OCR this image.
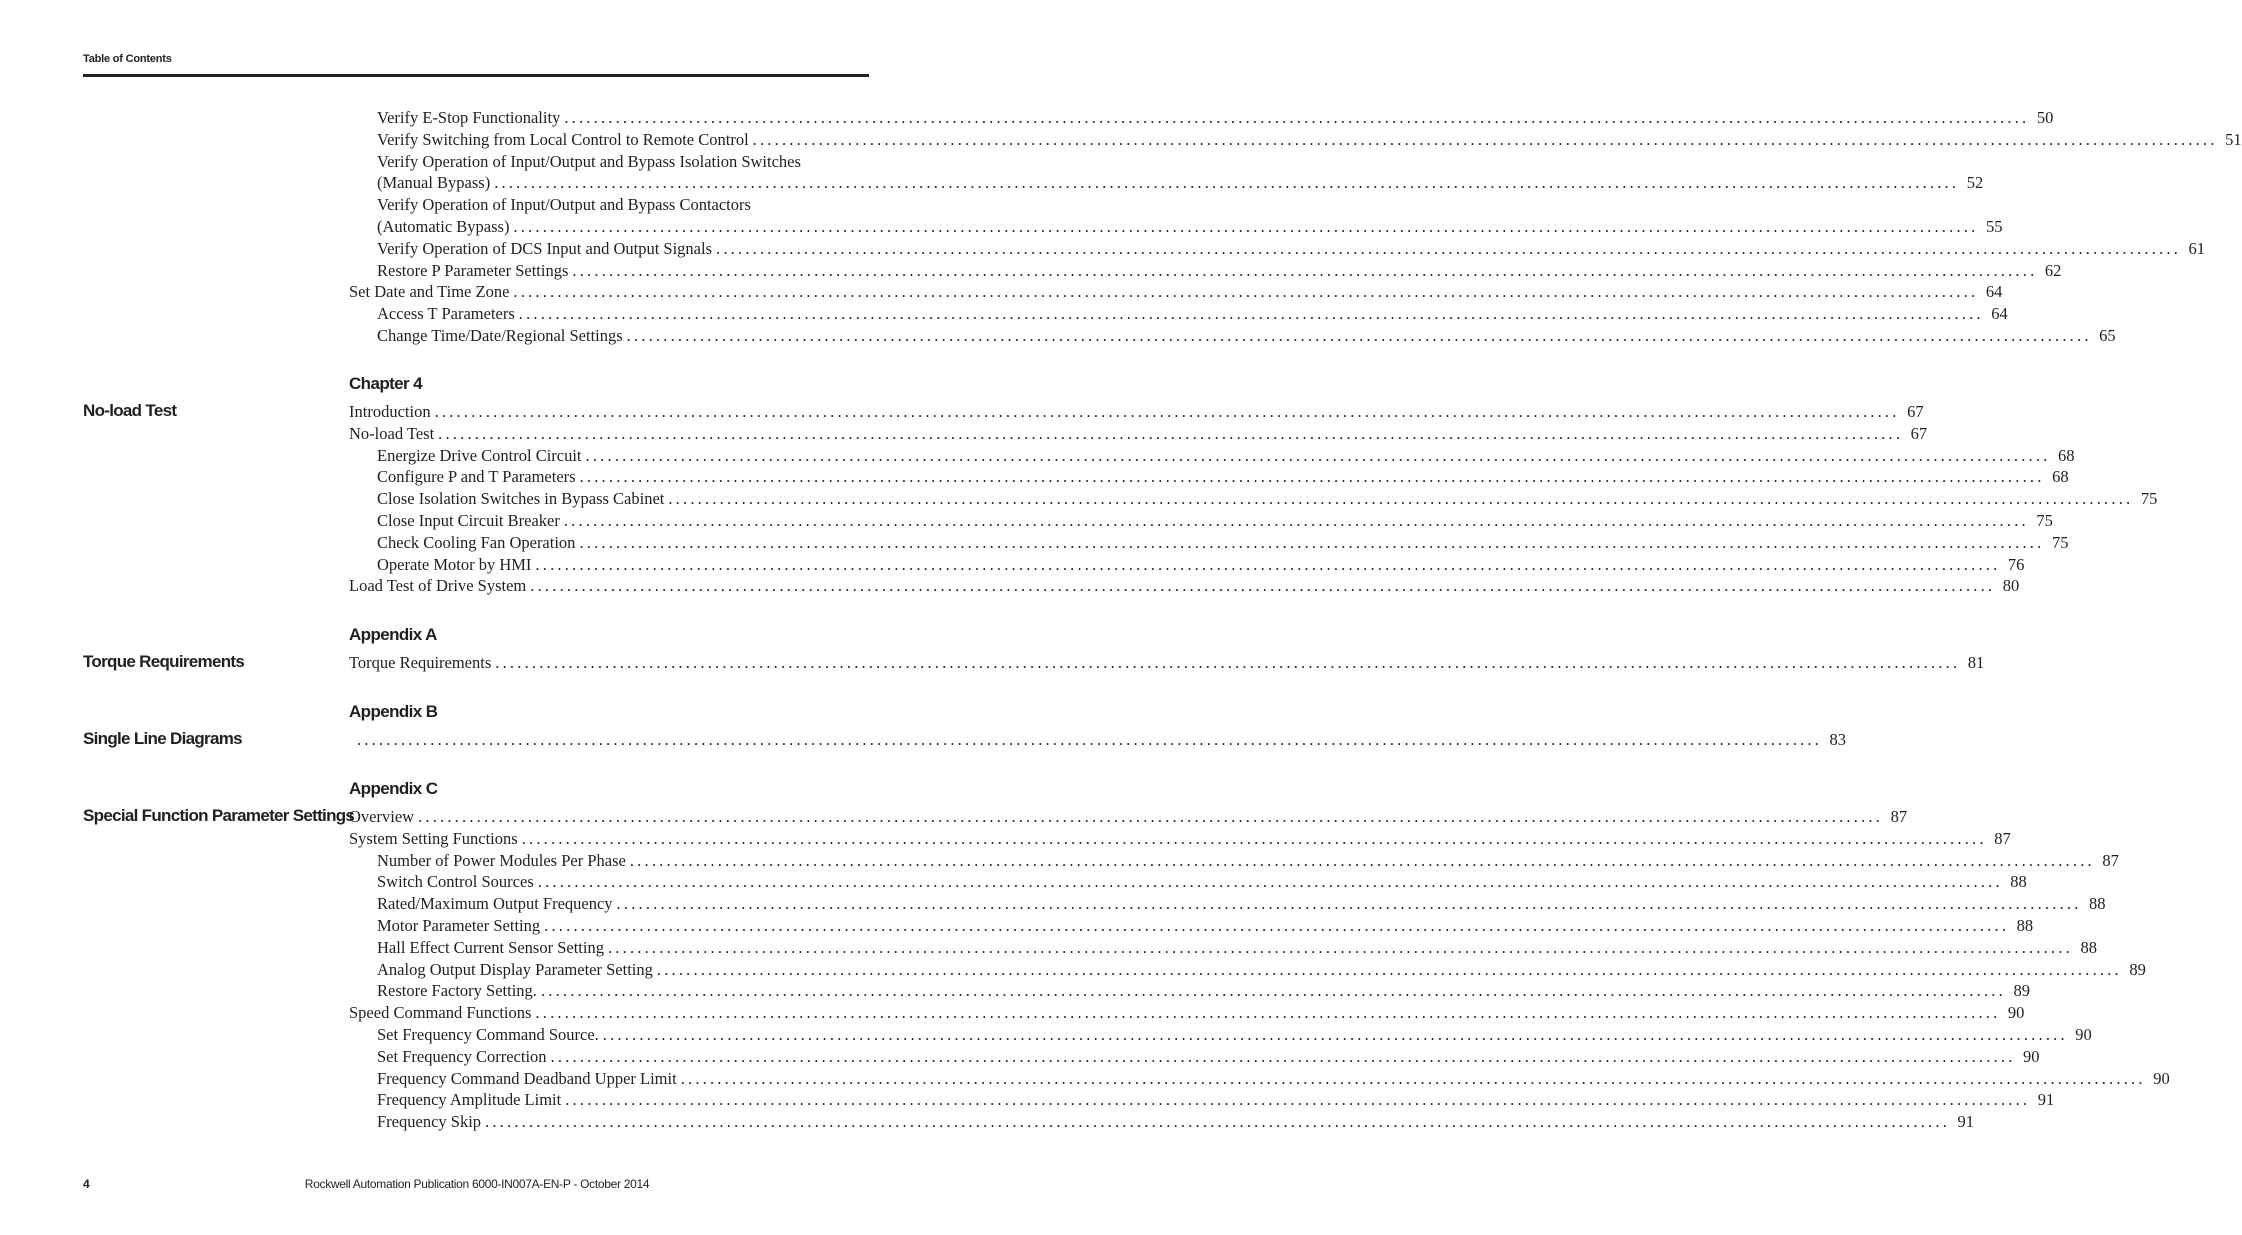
Table of Contents
Verify E-Stop Functionality ........................................................................................................................................................................................................ 50
Verify Switching from Local Control to Remote Control ........................................................................................................................................................................................................ 51
Verify Operation of Input/Output and Bypass Isolation Switches
(Manual Bypass) ........................................................................................................................................................................................................ 52
Verify Operation of Input/Output and Bypass Contactors
(Automatic Bypass) ........................................................................................................................................................................................................ 55
Verify Operation of DCS Input and Output Signals ........................................................................................................................................................................................................ 61
Restore P Parameter Settings ........................................................................................................................................................................................................ 62
Set Date and Time Zone ........................................................................................................................................................................................................ 64
Access T Parameters ........................................................................................................................................................................................................ 64
Change Time/Date/Regional Settings ........................................................................................................................................................................................................ 65
Chapter 4
No-load Test	Introduction ........................................................................................................................................................................................................ 67
No-load Test ........................................................................................................................................................................................................ 67
Energize Drive Control Circuit ........................................................................................................................................................................................................ 68
Configure P and T Parameters ........................................................................................................................................................................................................ 68
Close Isolation Switches in Bypass Cabinet ........................................................................................................................................................................................................ 75
Close Input Circuit Breaker ........................................................................................................................................................................................................ 75
Check Cooling Fan Operation ........................................................................................................................................................................................................ 75
Operate Motor by HMI ........................................................................................................................................................................................................ 76
Load Test of Drive System ........................................................................................................................................................................................................ 80
Appendix A
Torque Requirements	Torque Requirements ........................................................................................................................................................................................................ 81
Appendix B
Single Line Diagrams	........................................................................................................................................................................................................ 83
Appendix C
Special Function Parameter Settings
Overview ........................................................................................................................................................................................................ 87
System Setting Functions ........................................................................................................................................................................................................ 87
Number of Power Modules Per Phase ........................................................................................................................................................................................................ 87
Switch Control Sources ........................................................................................................................................................................................................ 88
Rated/Maximum Output Frequency ........................................................................................................................................................................................................ 88
Motor Parameter Setting ........................................................................................................................................................................................................ 88
Hall Effect Current Sensor Setting ........................................................................................................................................................................................................ 88
Analog Output Display Parameter Setting ........................................................................................................................................................................................................ 89
Restore Factory Setting. ........................................................................................................................................................................................................ 89
Speed Command Functions ........................................................................................................................................................................................................ 90
Set Frequency Command Source. ........................................................................................................................................................................................................ 90
Set Frequency Correction ........................................................................................................................................................................................................ 90
Frequency Command Deadband Upper Limit ........................................................................................................................................................................................................ 90
Frequency Amplitude Limit ........................................................................................................................................................................................................ 91
Frequency Skip ........................................................................................................................................................................................................ 91
4	Rockwell Automation Publication 6000-IN007A-EN-P - October 2014
